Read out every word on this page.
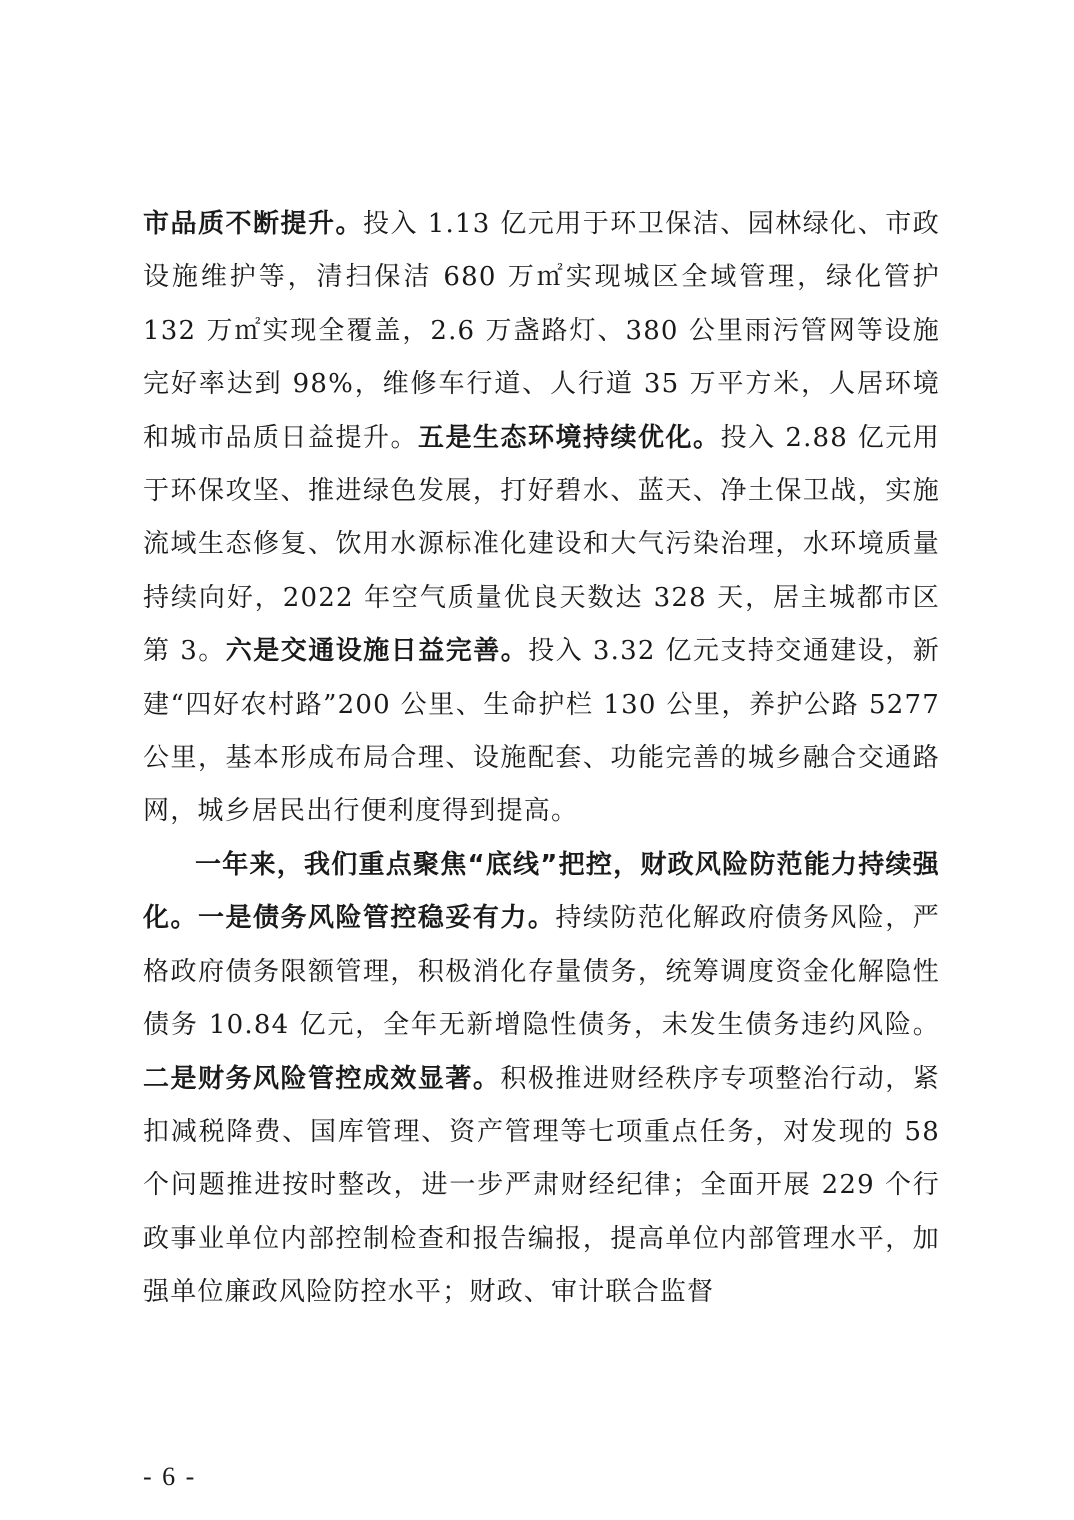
市品质不断提升。投入 1.13 亿元用于环卫保洁、园林绿化、市政设施维护等，清扫保洁 680 万㎡实现城区全域管理，绿化管护 132 万㎡实现全覆盖，2.6 万盏路灯、380 公里雨污管网等设施完好率达到 98%，维修车行道、人行道 35 万平方米，人居环境和城市品质日益提升。五是生态环境持续优化。投入 2.88 亿元用于环保攻坚、推进绿色发展，打好碧水、蓝天、净土保卫战，实施流域生态修复、饮用水源标准化建设和大气污染治理，水环境质量持续向好，2022 年空气质量优良天数达 328 天，居主城都市区第 3。六是交通设施日益完善。投入 3.32 亿元支持交通建设，新建“四好农村路”200 公里、生命护栏 130 公里，养护公路 5277 公里，基本形成布局合理、设施配套、功能完善的城乡融合交通路网，城乡居民出行便利度得到提高。

一年来，我们重点聚焦“底线”把控，财政风险防范能力持续强化。一是债务风险管控稳妥有力。持续防范化解政府债务风险，严格政府债务限额管理，积极消化存量债务，统筹调度资金化解隐性债务 10.84 亿元，全年无新增隐性债务，未发生债务违约风险。二是财务风险管控成效显著。积极推进财经秩序专项整治行动，紧扣减税降费、国库管理、资产管理等七项重点任务，对发现的 58 个问题推进按时整改，进一步严肃财经纪律；全面开展 229 个行政事业单位内部控制检查和报告编报，提高单位内部管理水平，加强单位廉政风险防控水平；财政、审计联合监督

- 6 -
